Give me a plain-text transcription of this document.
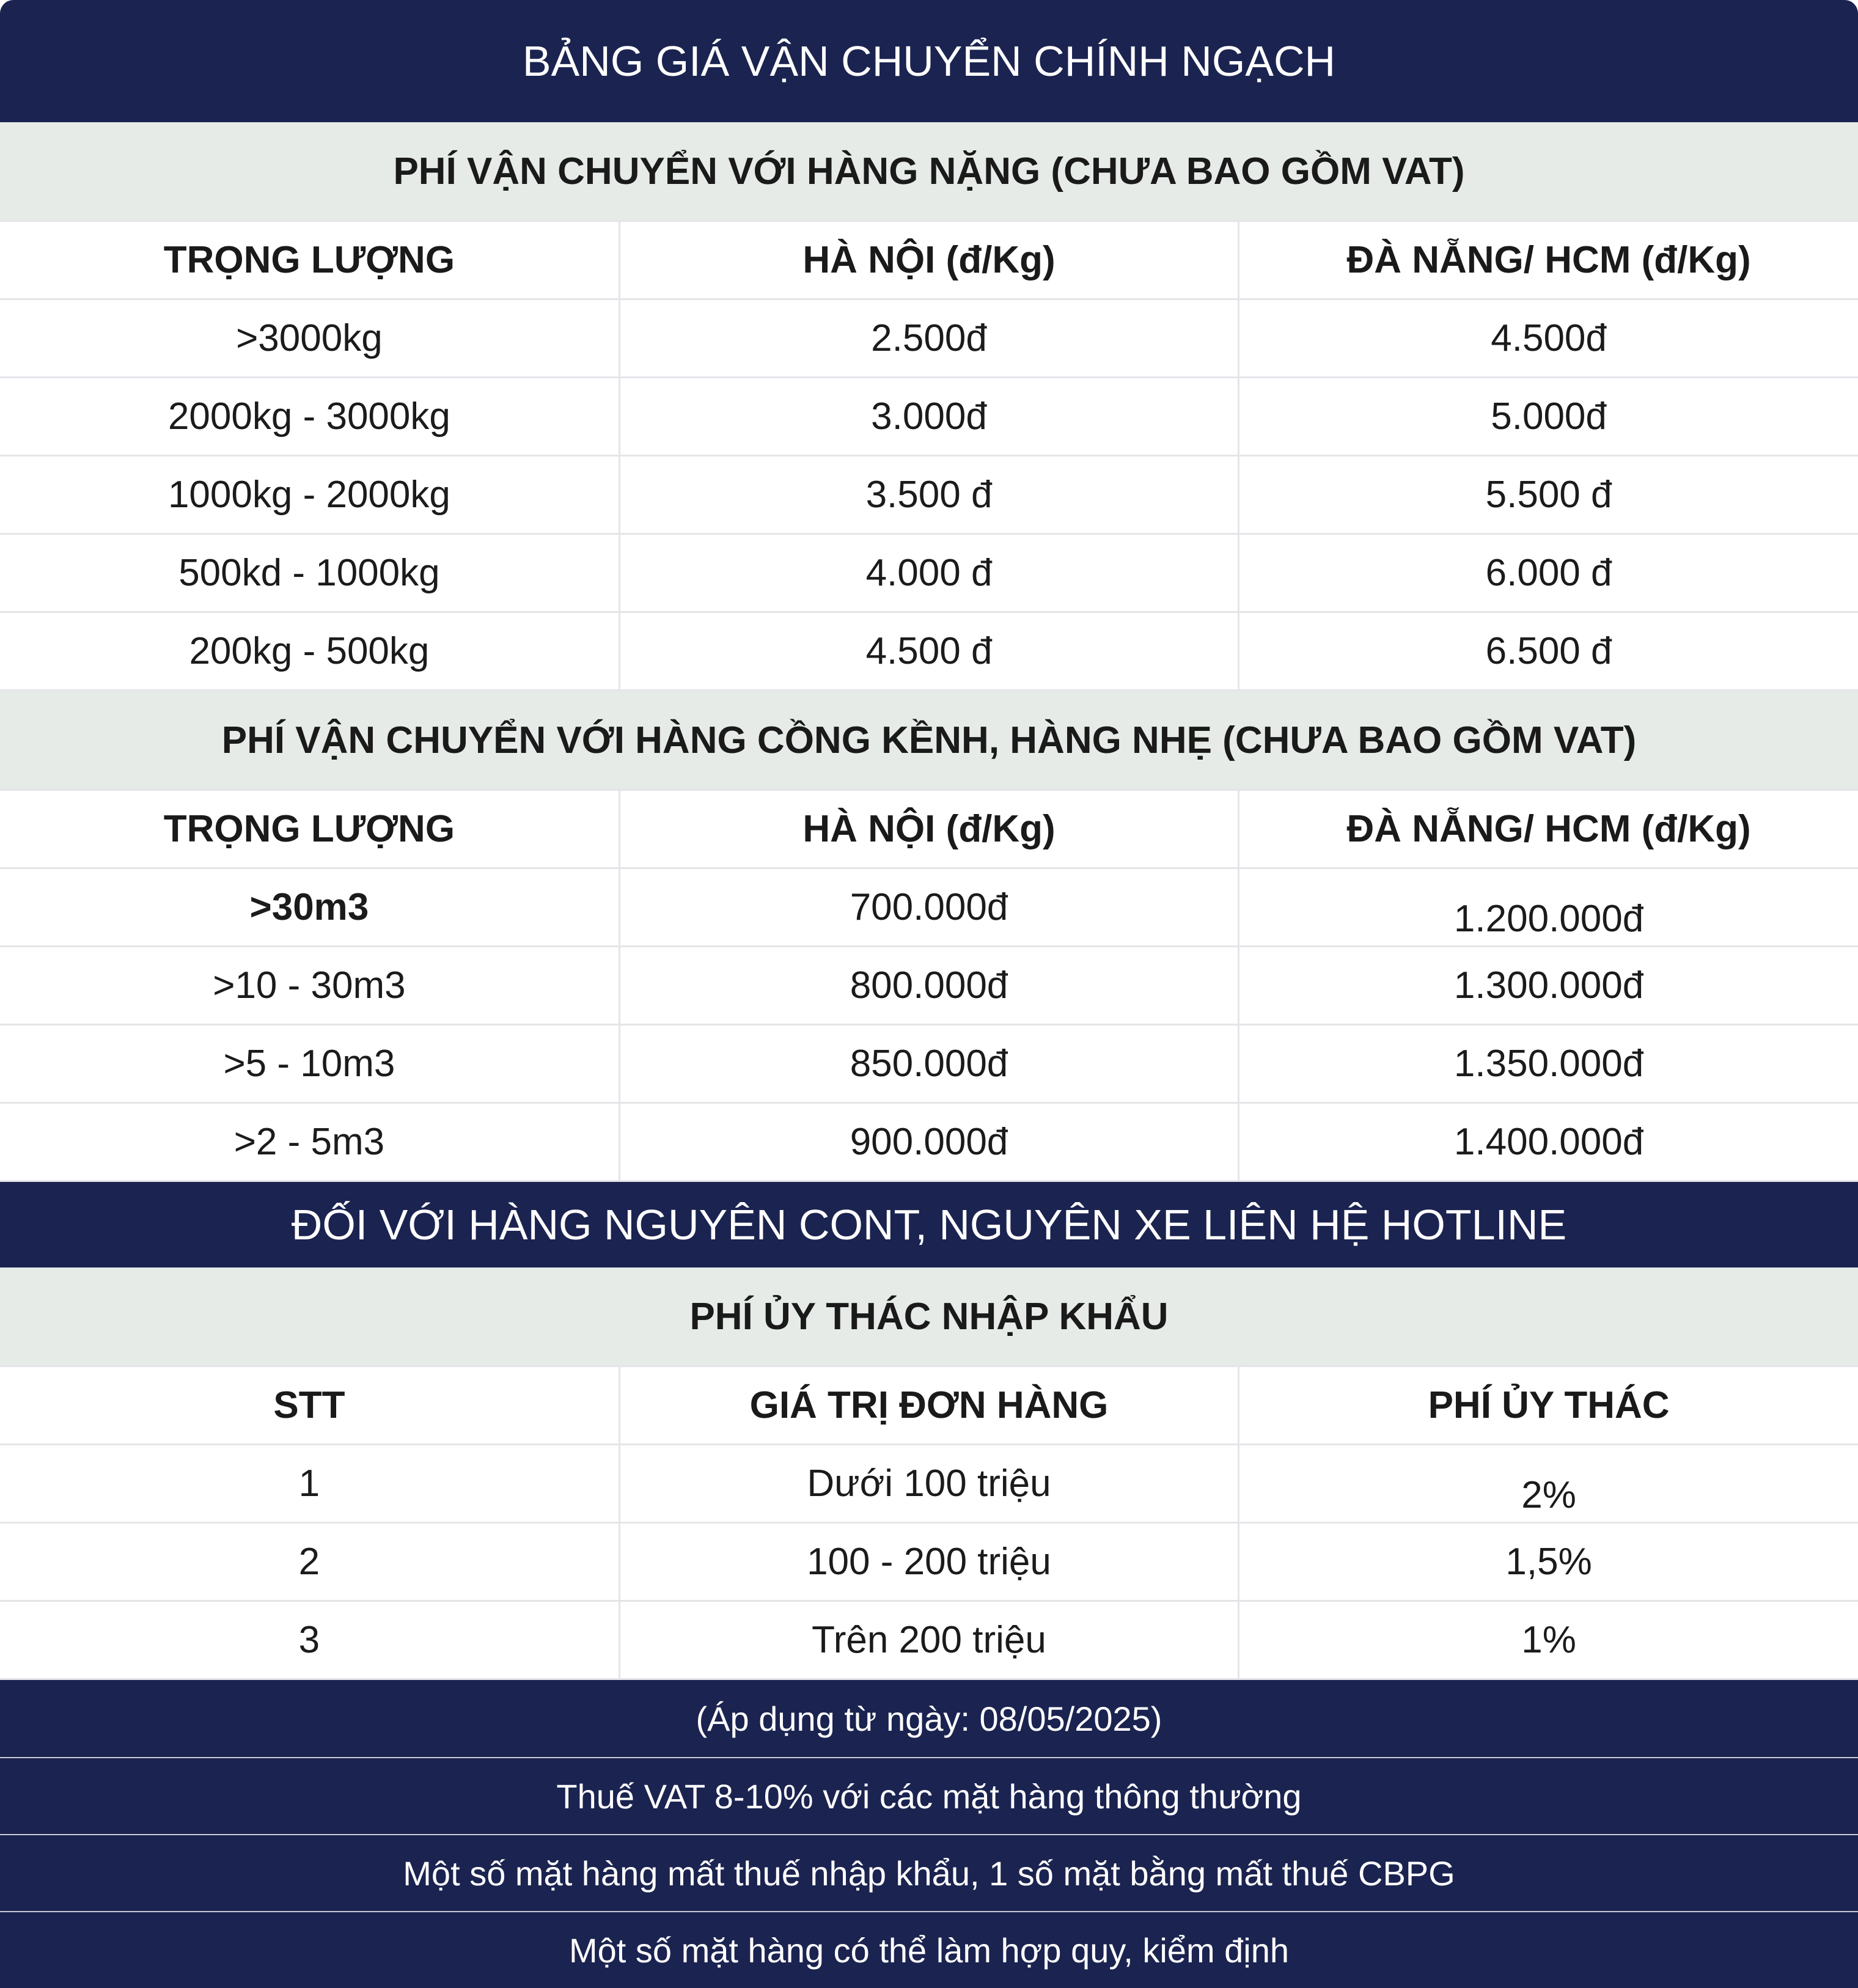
BẢNG GIÁ VẬN CHUYỂN CHÍNH NGẠCH
PHÍ VẬN CHUYỂN VỚI HÀNG NẶNG (CHƯA BAO GỒM VAT)
TRỌNG LƯỢNG	HÀ NỘI (đ/Kg)	ĐÀ NẴNG/ HCM (đ/Kg)
>3000kg	2.500đ	4.500đ
2000kg - 3000kg	3.000đ	5.000đ
1000kg - 2000kg	3.500 đ	5.500 đ
500kd - 1000kg	4.000 đ	6.000 đ
200kg - 500kg	4.500 đ	6.500 đ
PHÍ VẬN CHUYỂN VỚI HÀNG CỒNG KỀNH, HÀNG NHẸ (CHƯA BAO GỒM VAT)
TRỌNG LƯỢNG	HÀ NỘI (đ/Kg)	ĐÀ NẴNG/ HCM (đ/Kg)
>30m3	700.000đ	1.200.000đ
>10 - 30m3	800.000đ	1.300.000đ
>5 - 10m3	850.000đ	1.350.000đ
>2 - 5m3	900.000đ	1.400.000đ
ĐỐI VỚI HÀNG NGUYÊN CONT, NGUYÊN XE LIÊN HỆ HOTLINE
PHÍ ỦY THÁC NHẬP KHẨU
STT	GIÁ TRỊ ĐƠN HÀNG	PHÍ ỦY THÁC
1	Dưới 100 triệu	2%
2	100 - 200 triệu	1,5%
3	Trên 200 triệu	1%
(Áp dụng từ ngày: 08/05/2025)
Thuế VAT 8-10% với các mặt hàng thông thường
Một số mặt hàng mất thuế nhập khẩu, 1 số mặt bằng mất thuế CBPG
Một số mặt hàng có thể làm hợp quy, kiểm định
